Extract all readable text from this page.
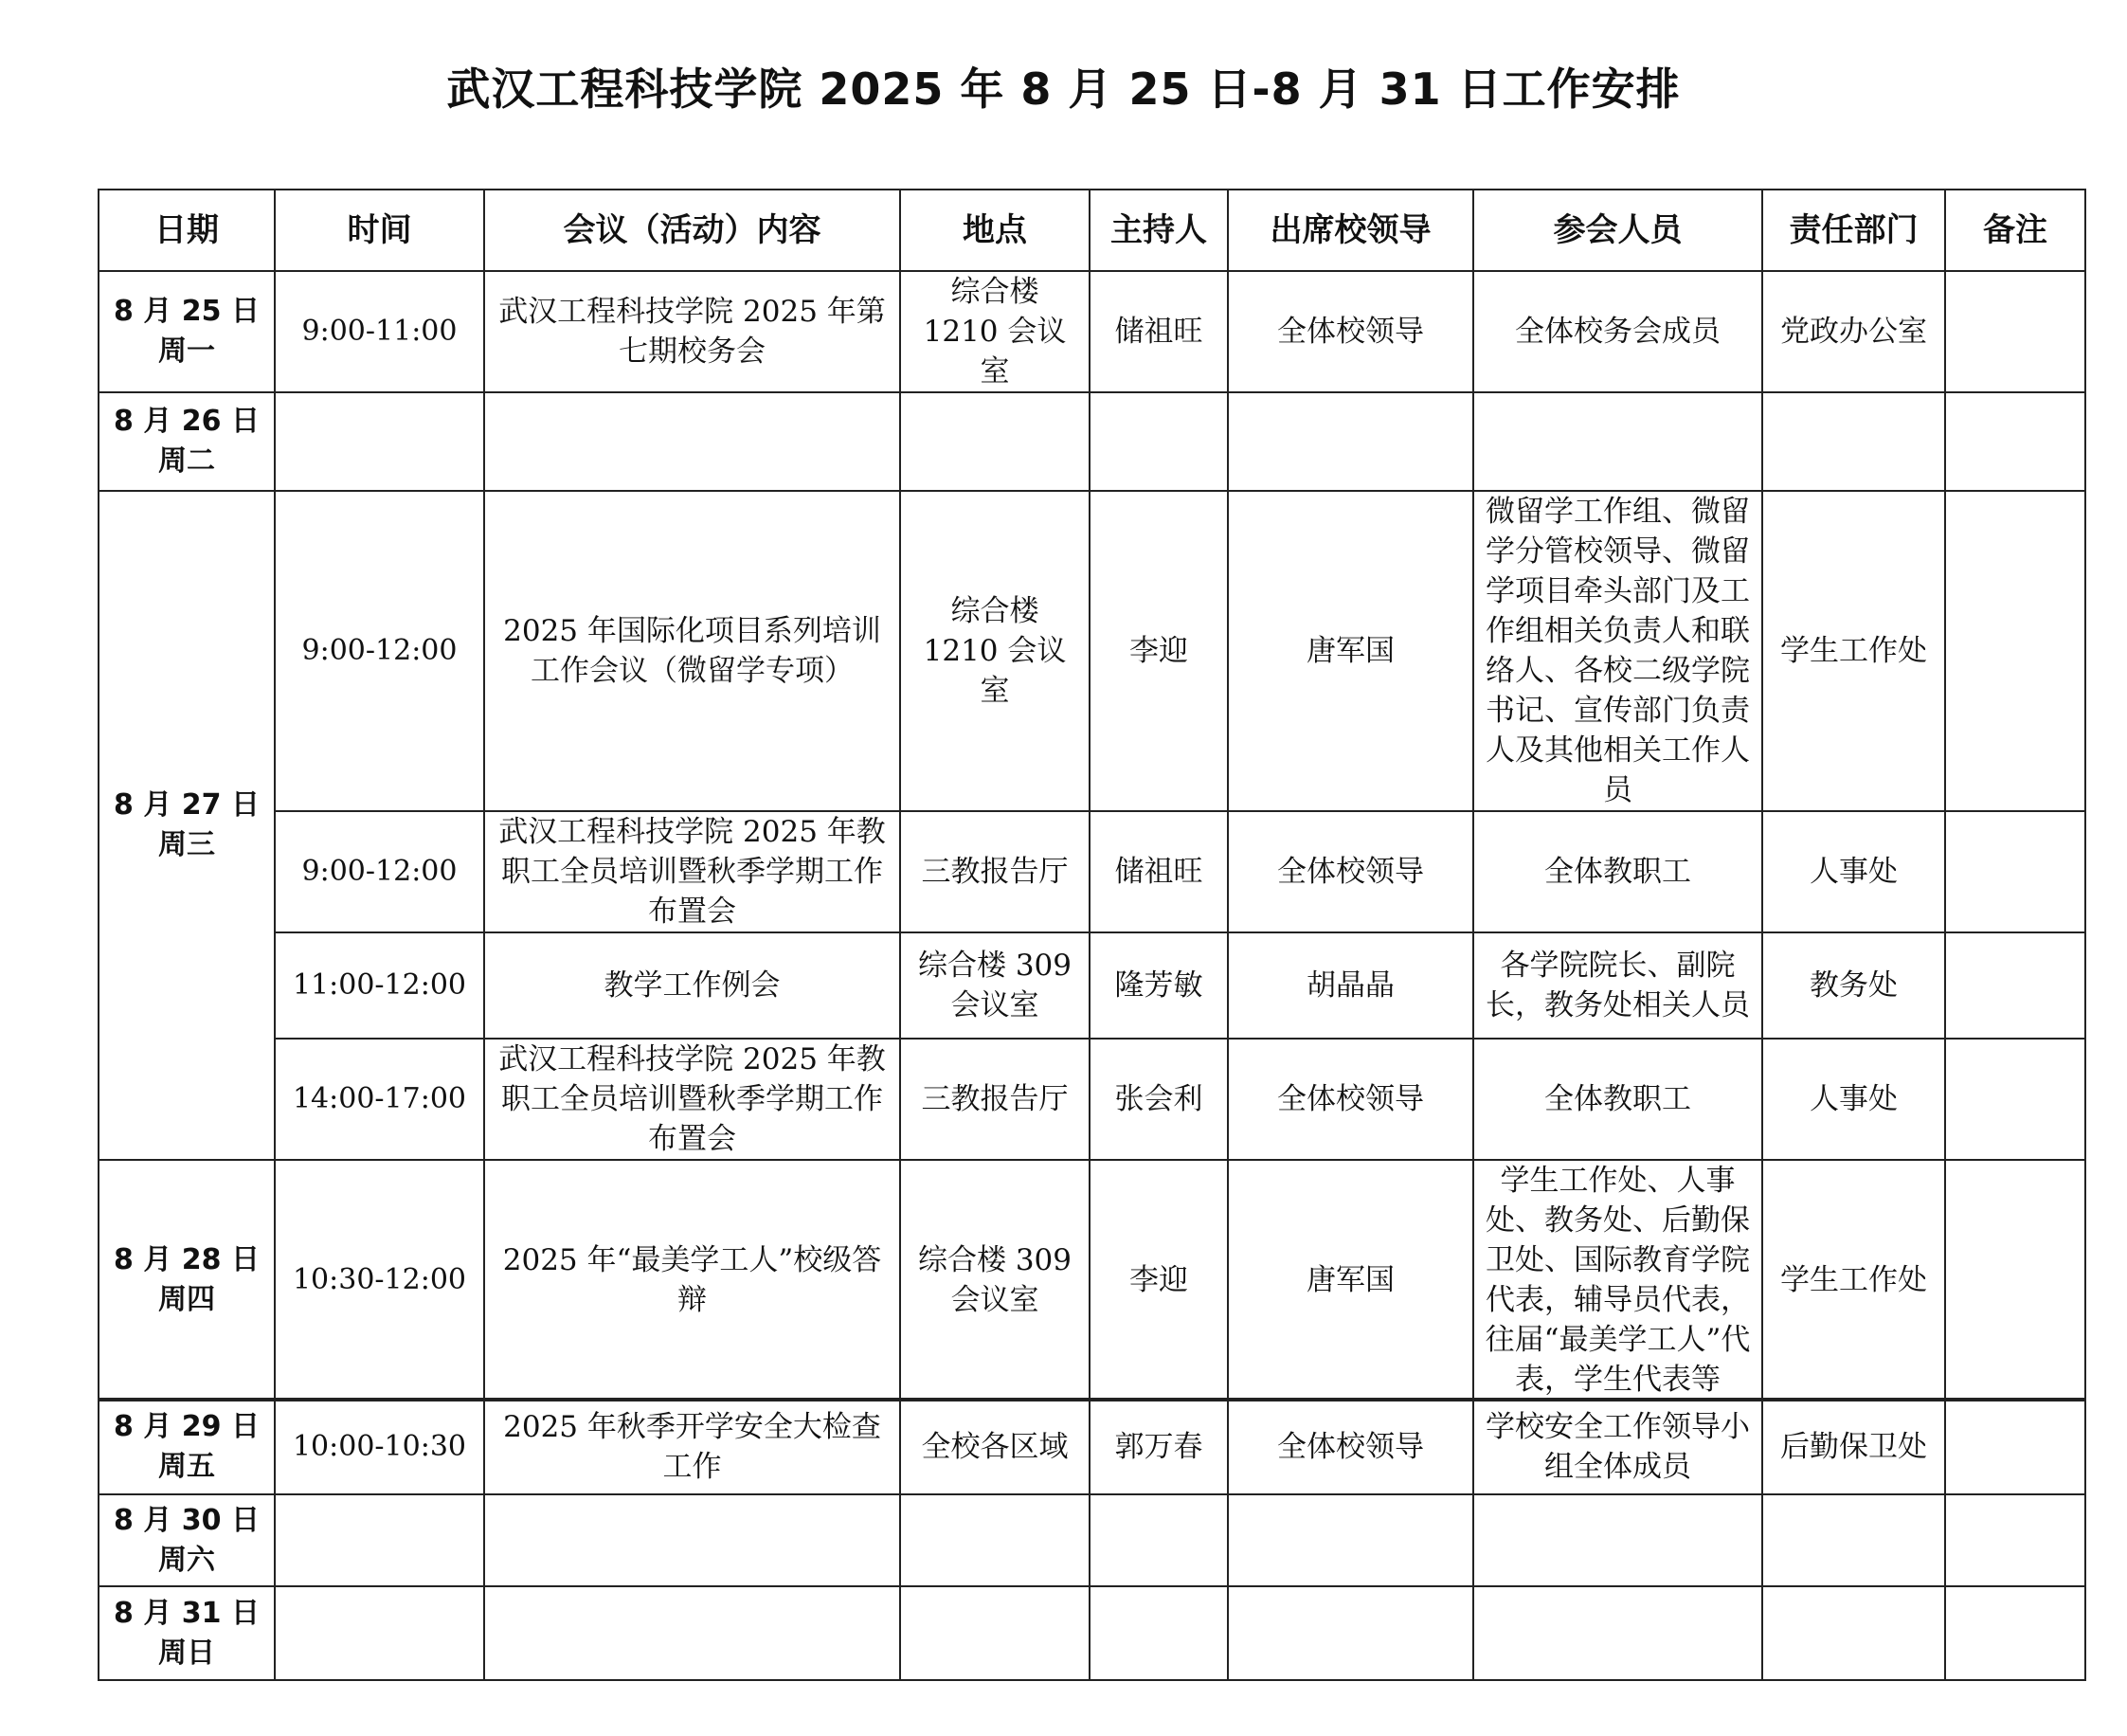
武汉工程科技学院 2025 年 8 月 25 日-8 月 31 日工作安排
日期	时间	会议（活动）内容	地点	主持人	出席校领导	参会人员	责任部门	备注

8 月 25 日
周一	9:00-11:00	武汉工程科技学院 2025 年第七期校务会	综合楼 1210 会议室	储祖旺	全体校领导	全体校务会成员	党政办公室	

8 月 26 日
周二								

8 月 27 日
周三	9:00-12:00	2025 年国际化项目系列培训工作会议（微留学专项）	综合楼 1210 会议室	李迎	唐军国	微留学工作组、微留学分管校领导、微留学项目牵头部门及工作组相关负责人和联络人、各校二级学院书记、宣传部门负责人及其他相关工作人员	学生工作处	
	9:00-12:00	武汉工程科技学院 2025 年教职工全员培训暨秋季学期工作布置会	三教报告厅	储祖旺	全体校领导	全体教职工	人事处	
	11:00-12:00	教学工作例会	综合楼 309 会议室	隆芳敏	胡晶晶	各学院院长、副院长，教务处相关人员	教务处	
	14:00-17:00	武汉工程科技学院 2025 年教职工全员培训暨秋季学期工作布置会	三教报告厅	张会利	全体校领导	全体教职工	人事处	

8 月 28 日
周四	10:30-12:00	2025 年“最美学工人”校级答辩	综合楼 309 会议室	李迎	唐军国	学生工作处、人事处、教务处、后勤保卫处、国际教育学院代表，辅导员代表，往届“最美学工人”代表，学生代表等	学生工作处	
8 月 29 日
周五	10:00-10:30	2025 年秋季开学安全大检查工作	全校各区域	郭万春	全体校领导	学校安全工作领导小组全体成员	后勤保卫处	

8 月 30 日
周六								

8 月 31 日
周日								
